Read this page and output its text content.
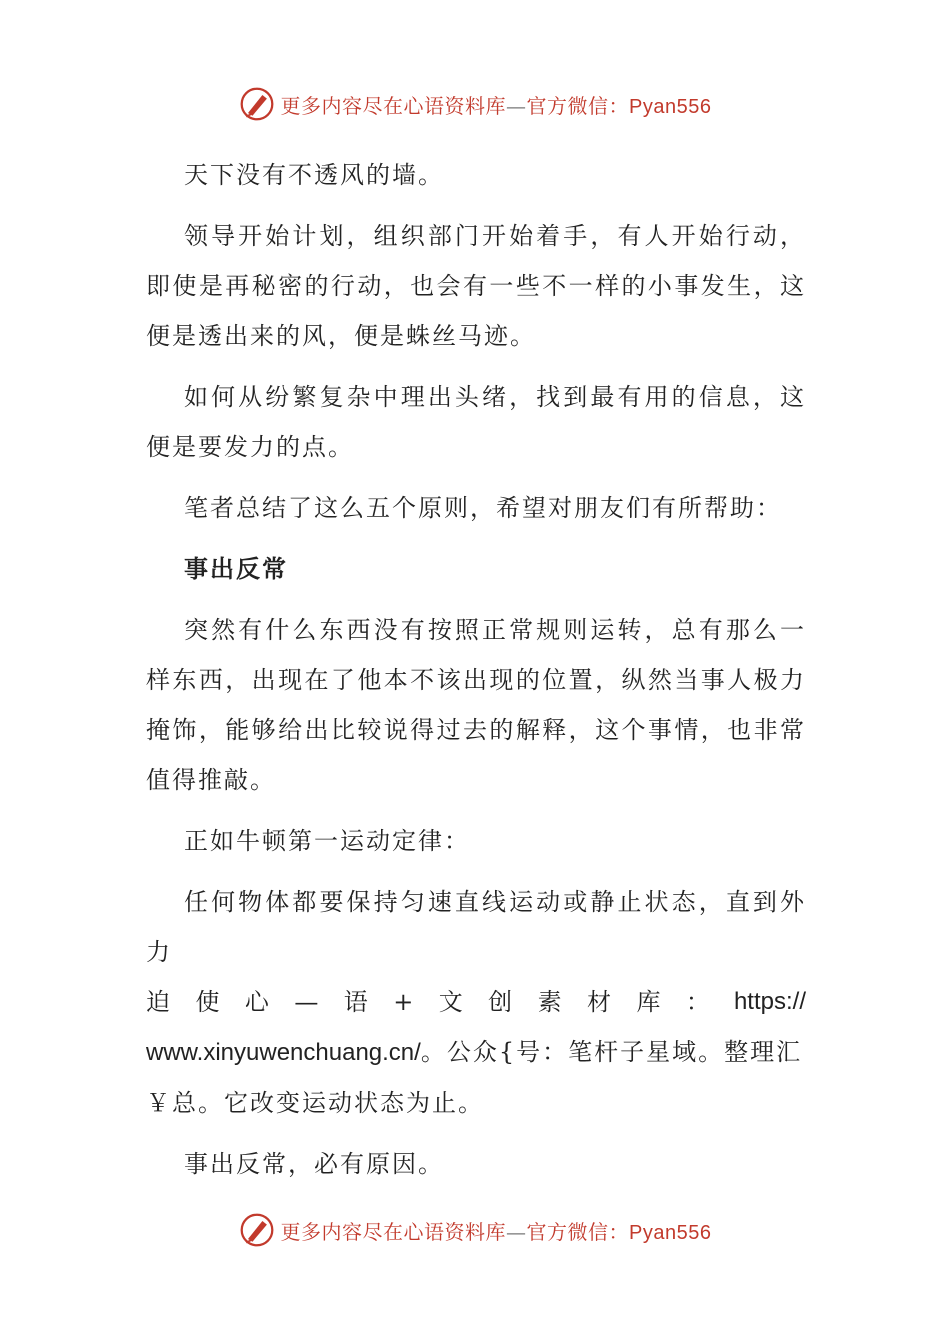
更多内容尽在心语资料库—官方微信：Pyan556

天下没有不透风的墙。

领导开始计划，组织部门开始着手，有人开始行动，即使是再秘密的行动，也会有一些不一样的小事发生，这便是透出来的风，便是蛛丝马迹。

如何从纷繁复杂中理出头绪，找到最有用的信息，这便是要发力的点。

笔者总结了这么五个原则，希望对朋友们有所帮助：

事出反常

突然有什么东西没有按照正常规则运转，总有那么一样东西，出现在了他本不该出现的位置，纵然当事人极力掩饰，能够给出比较说得过去的解释，这个事情，也非常值得推敲。

正如牛顿第一运动定律：

任何物体都要保持匀速直线运动或静止状态，直到外力
迫 使 心 — 语 + 文 创 素 材 库 ： https://
www.xinyuwenchuang.cn/。公众{号：笔杆子星域。整理汇
￥总。它改变运动状态为止。

事出反常，必有原因。

更多内容尽在心语资料库—官方微信：Pyan556
